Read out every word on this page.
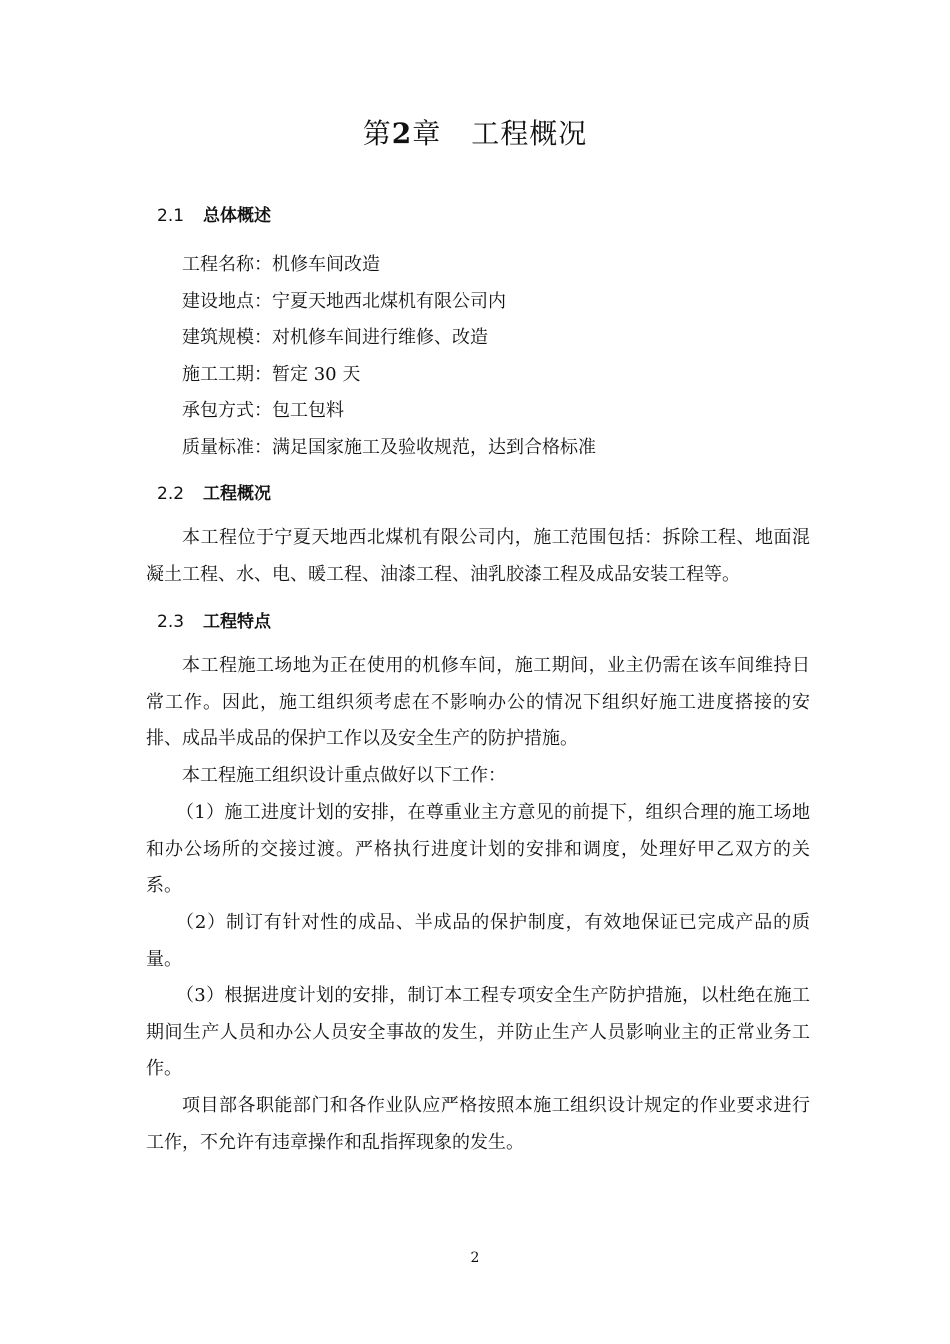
第2章 工程概况
2.1 总体概述
工程名称：机修车间改造
建设地点：宁夏天地西北煤机有限公司内
建筑规模：对机修车间进行维修、改造
施工工期：暂定 30 天
承包方式：包工包料
质量标准：满足国家施工及验收规范，达到合格标准
2.2 工程概况

本工程位于宁夏天地西北煤机有限公司内，施工范围包括：拆除工程、地面混凝土工程、水、电、暖工程、油漆工程、油乳胶漆工程及成品安装工程等。

2.3 工程特点

本工程施工场地为正在使用的机修车间，施工期间，业主仍需在该车间维持日常工作。因此，施工组织须考虑在不影响办公的情况下组织好施工进度搭接的安排、成品半成品的保护工作以及安全生产的防护措施。

本工程施工组织设计重点做好以下工作：

（1）施工进度计划的安排，在尊重业主方意见的前提下，组织合理的施工场地和办公场所的交接过渡。严格执行进度计划的安排和调度，处理好甲乙双方的关系。

（2）制订有针对性的成品、半成品的保护制度，有效地保证已完成产品的质量。

（3）根据进度计划的安排，制订本工程专项安全生产防护措施，以杜绝在施工期间生产人员和办公人员安全事故的发生，并防止生产人员影响业主的正常业务工作。

项目部各职能部门和各作业队应严格按照本施工组织设计规定的作业要求进行工作，不允许有违章操作和乱指挥现象的发生。

2
